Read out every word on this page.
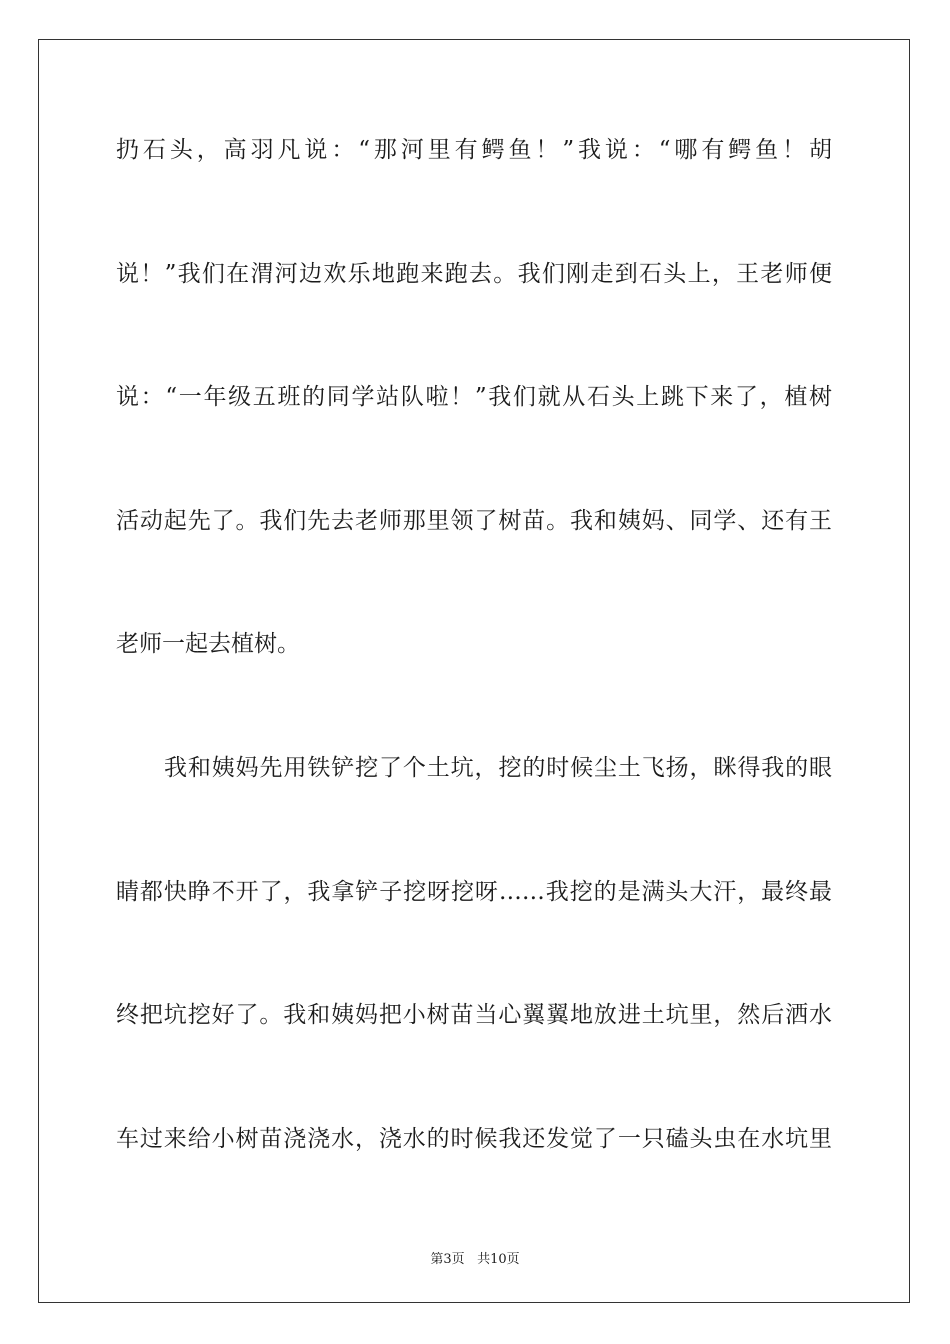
扔石头，高羽凡说：“那河里有鳄鱼！”我说：“哪有鳄鱼！胡
说！”我们在渭河边欢乐地跑来跑去。我们刚走到石头上，王老师便
说：“一年级五班的同学站队啦！”我们就从石头上跳下来了，植树
活动起先了。我们先去老师那里领了树苗。我和姨妈、同学、还有王
老师一起去植树。
我和姨妈先用铁铲挖了个土坑，挖的时候尘土飞扬，眯得我的眼
睛都快睁不开了，我拿铲子挖呀挖呀……我挖的是满头大汗，最终最
终把坑挖好了。我和姨妈把小树苗当心翼翼地放进土坑里，然后洒水
车过来给小树苗浇浇水，浇水的时候我还发觉了一只磕头虫在水坑里
第3页 共10页
